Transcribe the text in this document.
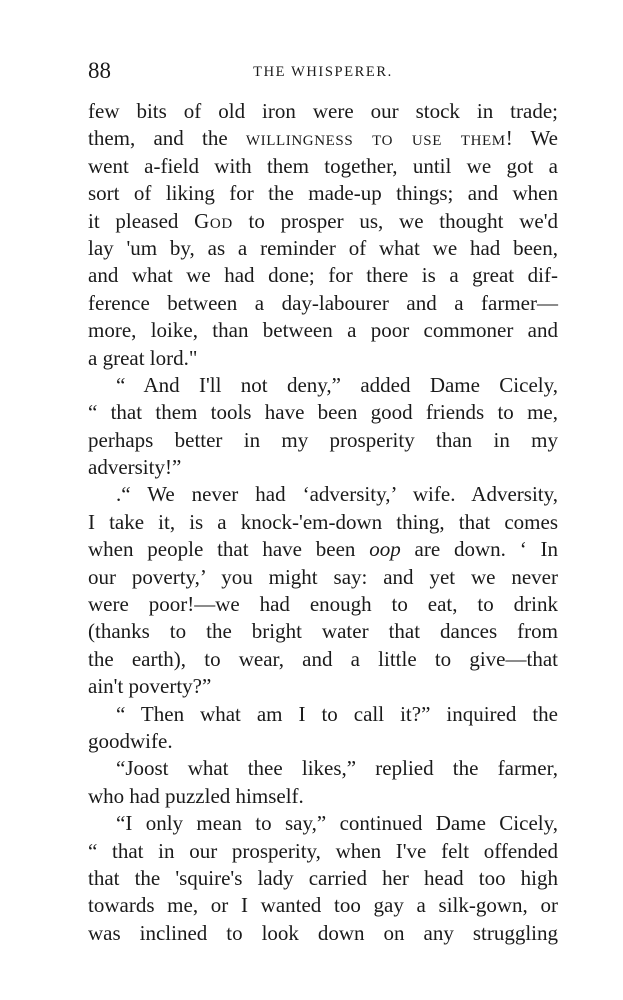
88	THE WHISPERER.
few bits of old iron were our stock in trade;
them, and the willingness to use them! We
went a-field with them together, until we got a
sort of liking for the made-up things; and when
it pleased God to prosper us, we thought we'd
lay 'um by, as a reminder of what we had been,
and what we had done; for there is a great dif-
ference between a day-labourer and a farmer—
more, loike, than between a poor commoner and
a great lord."
“ And I'll not deny,” added Dame Cicely,
“ that them tools have been good friends to me,
perhaps better in my prosperity than in my
adversity!”
.“ We never had ‘adversity,’ wife. Adversity,
I take it, is a knock-'em-down thing, that comes
when people that have been oop are down. ‘ In
our poverty,’ you might say: and yet we never
were poor!—we had enough to eat, to drink
(thanks to the bright water that dances from
the earth), to wear, and a little to give—that
ain't poverty?”
“ Then what am I to call it?” inquired the
goodwife.
“Joost what thee likes,” replied the farmer,
who had puzzled himself.
“I only mean to say,” continued Dame Cicely,
“ that in our prosperity, when I've felt offended
that the 'squire's lady carried her head too high
towards me, or I wanted too gay a silk-gown, or
was inclined to look down on any struggling
